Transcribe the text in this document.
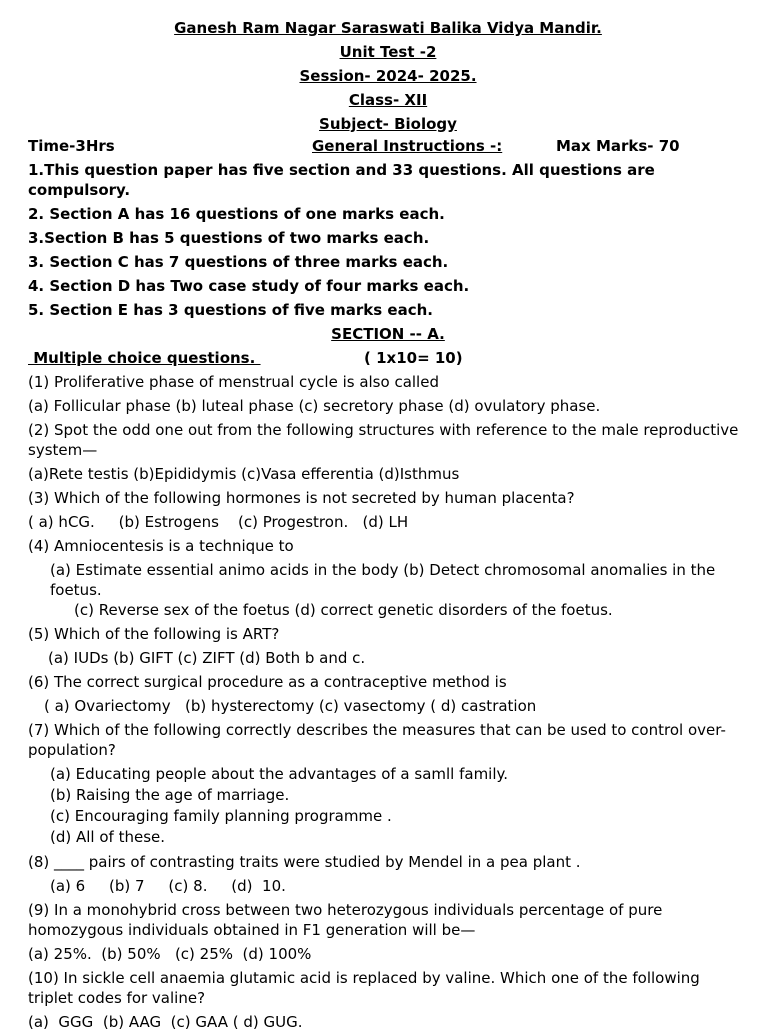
Ganesh Ram Nagar Saraswati Balika Vidya Mandir.
Unit Test -2
Session- 2024- 2025.
Class- XII
Subject- Biology
Time-3Hrs	General Instructions -:	Max Marks- 70
1.This question paper has five section and 33 questions. All questions are compulsory.
2. Section A has 16 questions of one marks each.
3.Section B has 5 questions of two marks each.
3. Section C has 7 questions of three marks each.
4. Section D has Two case study of four marks each.
5. Section E has 3 questions of five marks each.
SECTION -- A.
Multiple choice questions.	( 1x10= 10)
(1) Proliferative phase of menstrual cycle is also called
(a) Follicular phase (b) luteal phase (c) secretory phase (d) ovulatory phase.
(2) Spot the odd one out from the following structures with reference to the male reproductive system—
(a)Rete testis (b)Epididymis (c)Vasa efferentia (d)Isthmus
(3) Which of the following hormones is not secreted by human placenta?
( a) hCG.     (b) Estrogens    (c) Progestron.   (d) LH
(4) Amniocentesis is a technique to
(a) Estimate essential animo acids in the body (b) Detect chromosomal anomalies in the foetus.
(c) Reverse sex of the foetus (d) correct genetic disorders of the foetus.
(5) Which of the following is ART?
(a) IUDs (b) GIFT (c) ZIFT (d) Both b and c.
(6) The correct surgical procedure as a contraceptive method is
( a) Ovariectomy   (b) hysterectomy (c) vasectomy ( d) castration
(7) Which of the following correctly describes the measures that can be used to control over-population?
(a) Educating people about the advantages of a samll family.
(b) Raising the age of marriage.
(c) Encouraging family planning programme .
(d) All of these.
(8) ____ pairs of contrasting traits were studied by Mendel in a pea plant .
(a) 6     (b) 7     (c) 8.     (d)  10.
(9) In a monohybrid cross between two heterozygous individuals percentage of pure homozygous individuals obtained in F1 generation will be—
(a) 25%.  (b) 50%   (c) 25%  (d) 100%
(10) In sickle cell anaemia glutamic acid is replaced by valine. Which one of the following triplet codes for valine?
(a)  GGG  (b) AAG  (c) GAA ( d) GUG.
